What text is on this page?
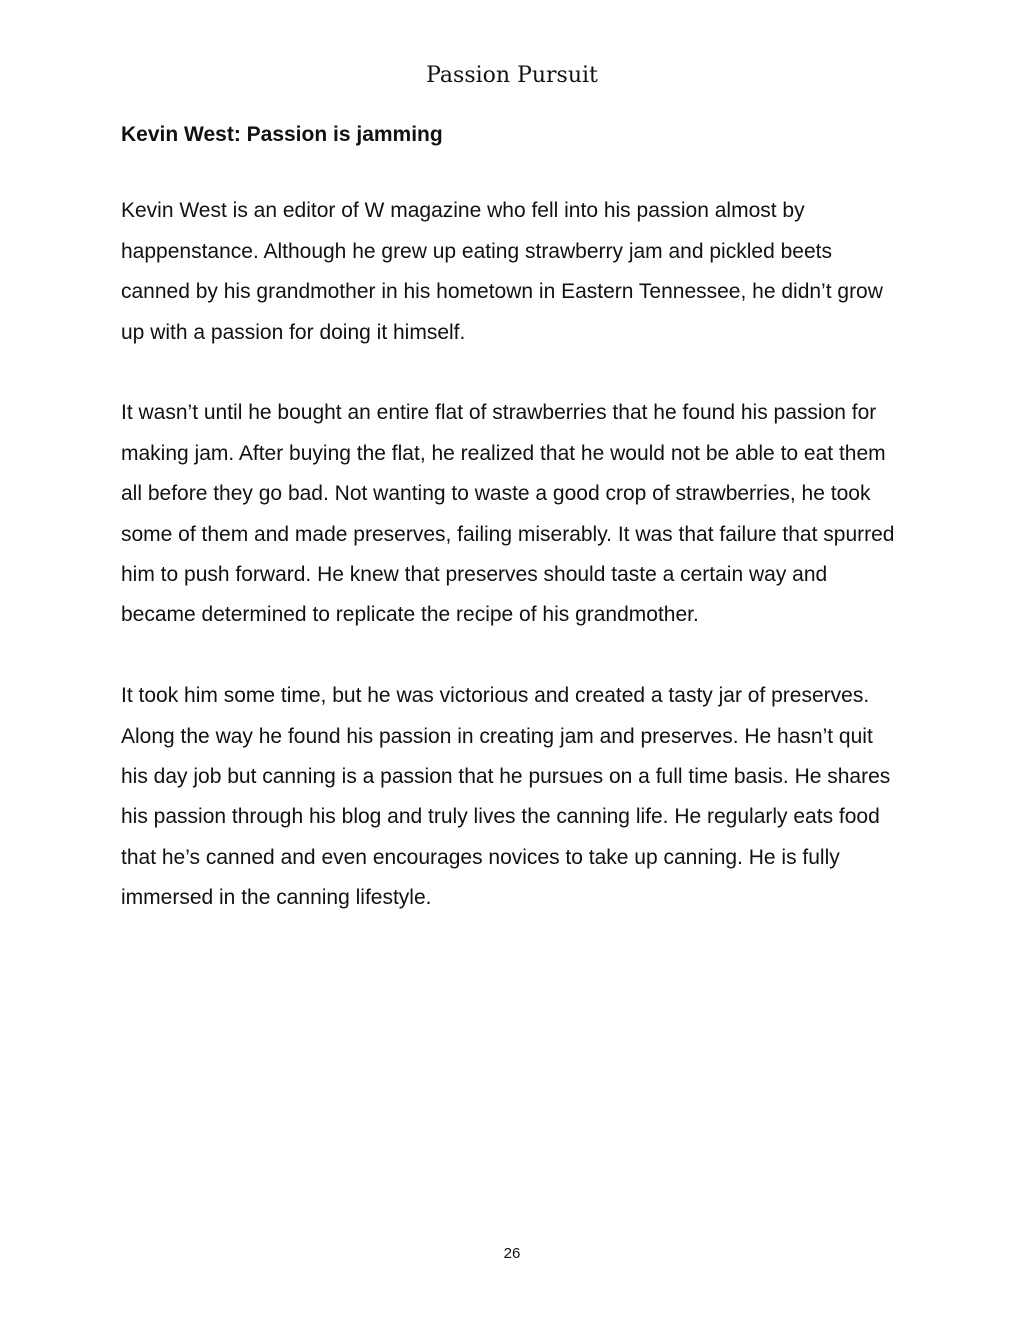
Passion Pursuit
Kevin West: Passion is jamming

Kevin West is an editor of W magazine who fell into his passion almost by happenstance. Although he grew up eating strawberry jam and pickled beets canned by his grandmother in his hometown in Eastern Tennessee, he didn’t grow up with a passion for doing it himself.

It wasn’t until he bought an entire flat of strawberries that he found his passion for making jam. After buying the flat, he realized that he would not be able to eat them all before they go bad. Not wanting to waste a good crop of strawberries, he took some of them and made preserves, failing miserably. It was that failure that spurred him to push forward. He knew that preserves should taste a certain way and became determined to replicate the recipe of his grandmother.

It took him some time, but he was victorious and created a tasty jar of preserves. Along the way he found his passion in creating jam and preserves. He hasn’t quit his day job but canning is a passion that he pursues on a full time basis. He shares his passion through his blog and truly lives the canning life. He regularly eats food that he’s canned and even encourages novices to take up canning. He is fully immersed in the canning lifestyle.

26
